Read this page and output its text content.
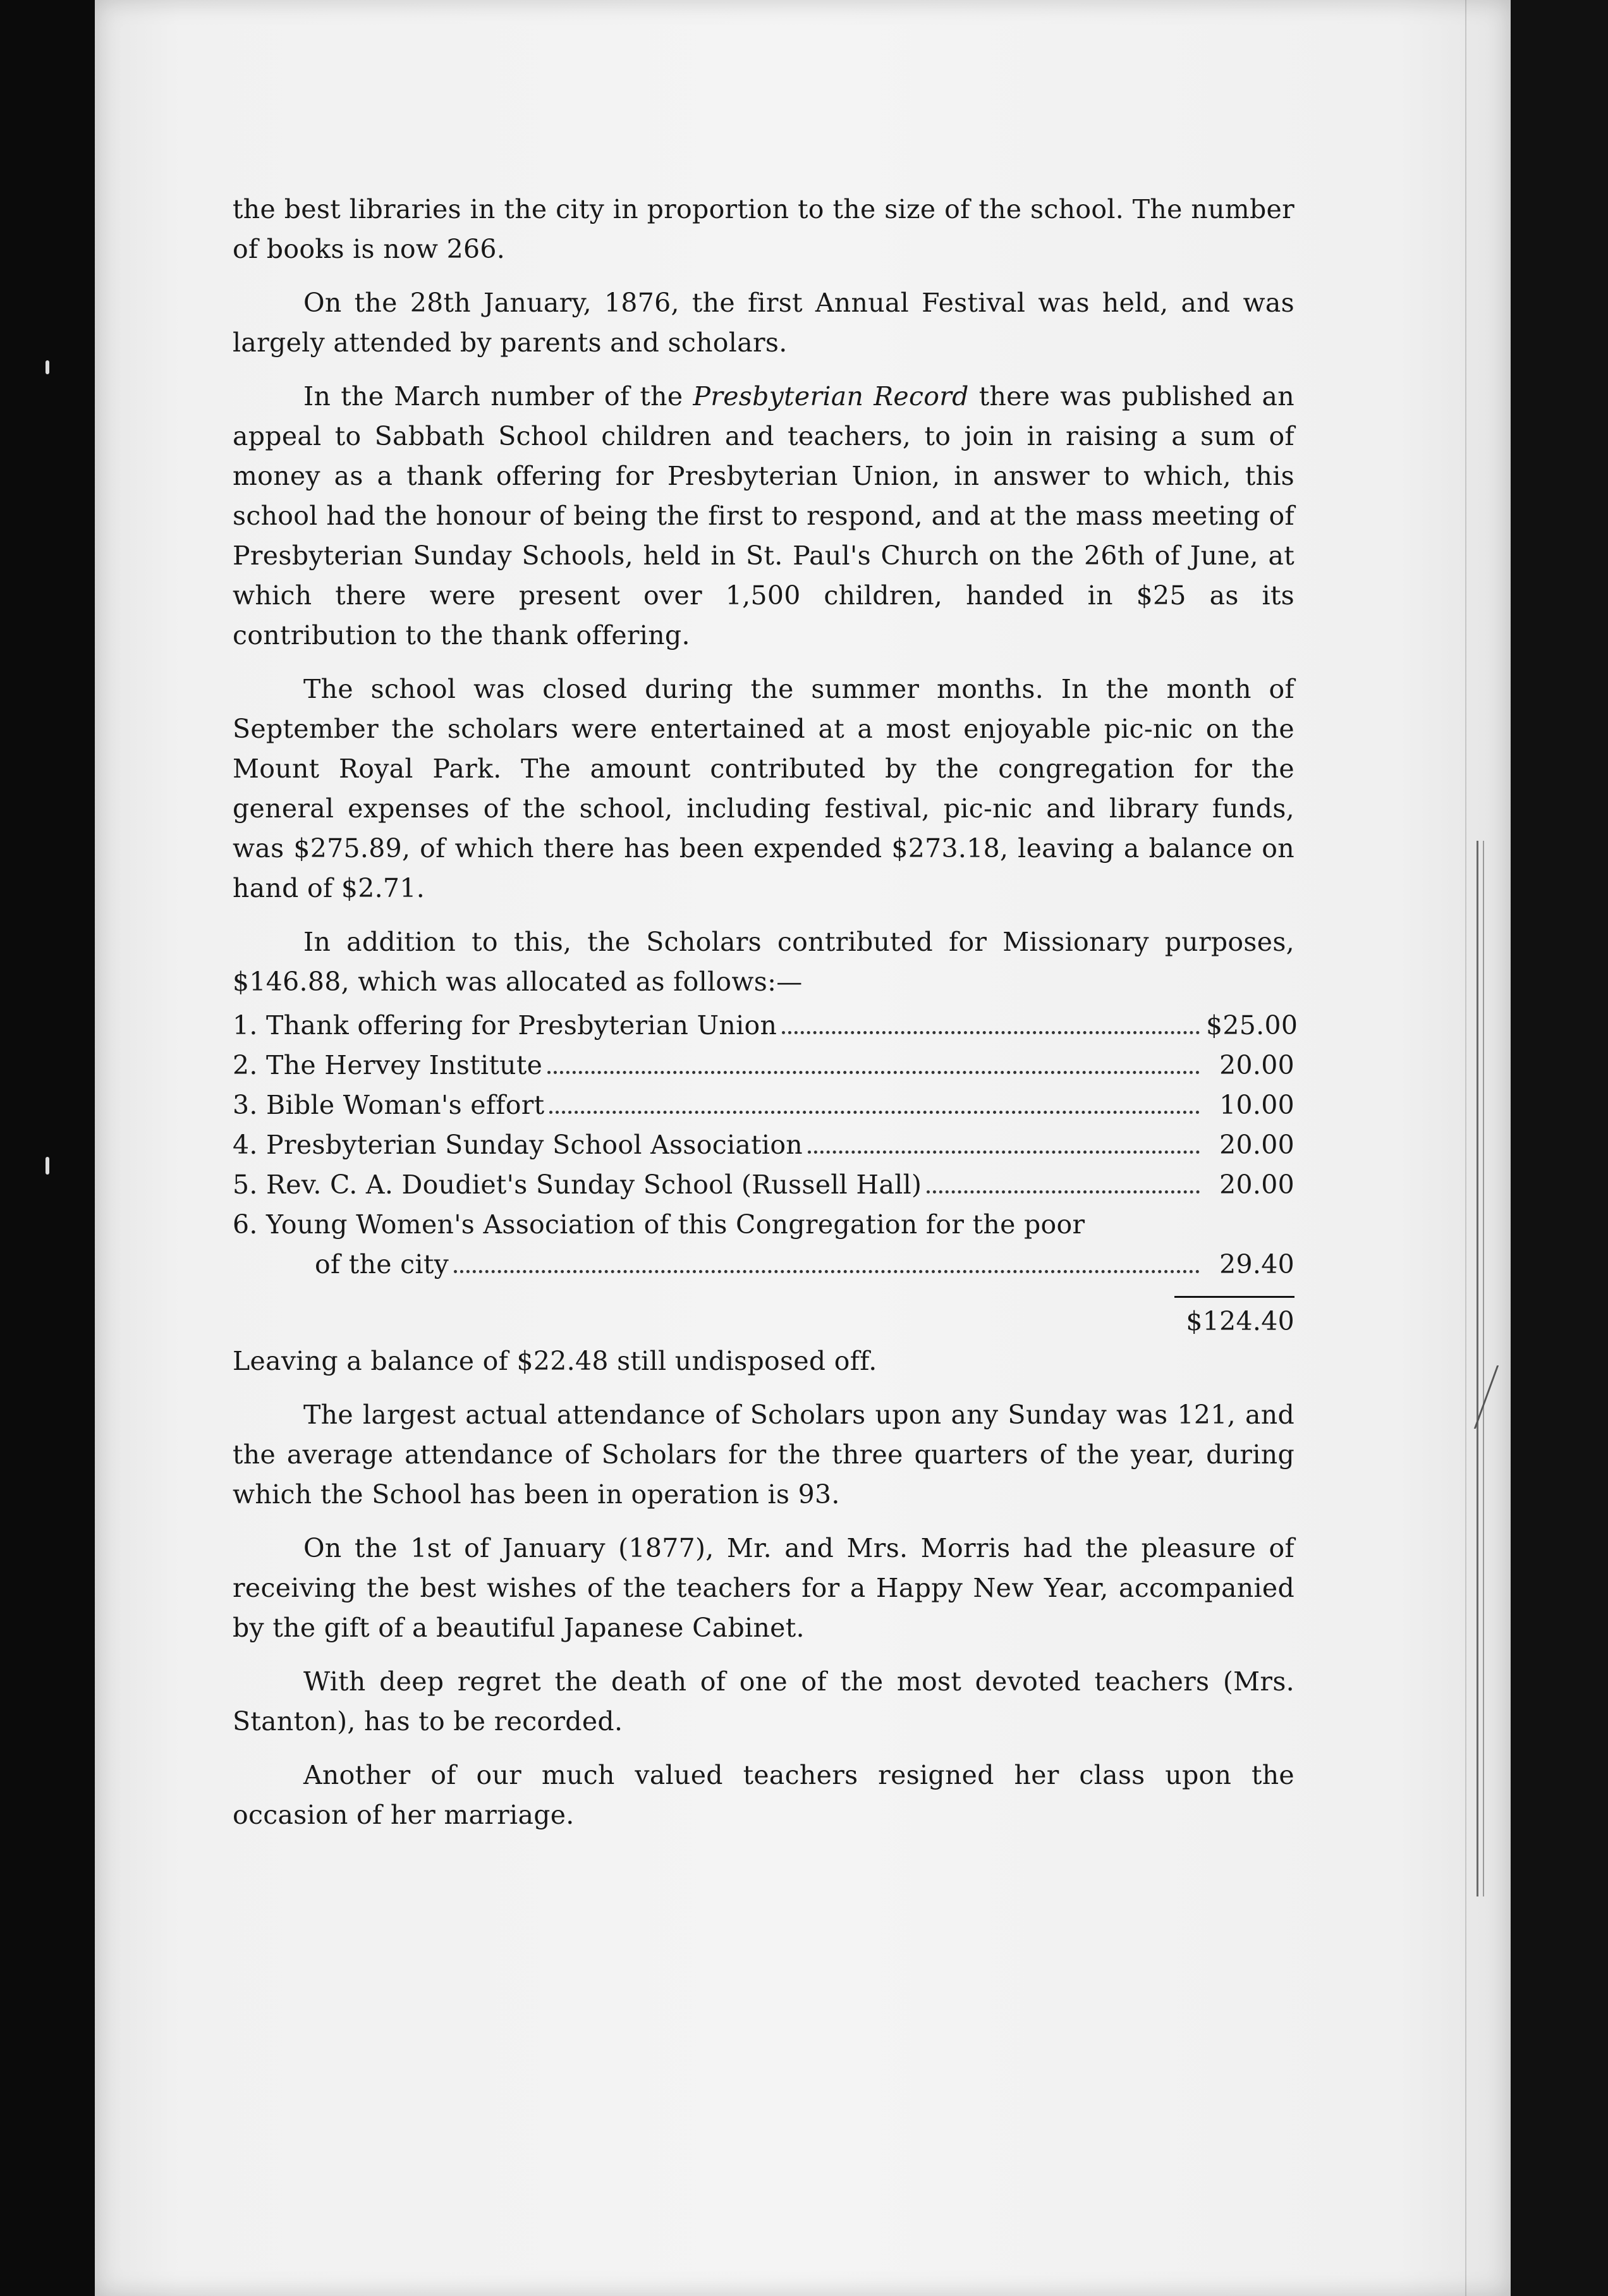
the best libraries in the city in proportion to the size of the school. The number of books is now 266.

On the 28th January, 1876, the first Annual Festival was held, and was largely attended by parents and scholars.

In the March number of the Presbyterian Record there was published an appeal to Sabbath School children and teachers, to join in raising a sum of money as a thank offering for Presbyterian Union, in answer to which, this school had the honour of being the first to respond, and at the mass meeting of Presbyterian Sunday Schools, held in St. Paul's Church on the 26th of June, at which there were present over 1,500 children, handed in $25 as its contribution to the thank offering.

The school was closed during the summer months. In the month of September the scholars were entertained at a most enjoyable pic-nic on the Mount Royal Park. The amount contributed by the congregation for the general expenses of the school, including festival, pic-nic and library funds, was $275.89, of which there has been expended $273.18, leaving a balance on hand of $2.71.

In addition to this, the Scholars contributed for Missionary purposes, $146.88, which was allocated as follows:—

1. Thank offering for Presbyterian Union	$25.00
2. The Hervey Institute	20.00
3. Bible Woman's effort	10.00
4. Presbyterian Sunday School Association	20.00
5. Rev. C. A. Doudiet's Sunday School (Russell Hall)	20.00
6. Young Women's Association of this Congregation for the poor
of the city	29.40
$124.40

Leaving a balance of $22.48 still undisposed off.

The largest actual attendance of Scholars upon any Sunday was 121, and the average attendance of Scholars for the three quarters of the year, during which the School has been in operation is 93.

On the 1st of January (1877), Mr. and Mrs. Morris had the pleasure of receiving the best wishes of the teachers for a Happy New Year, accompanied by the gift of a beautiful Japanese Cabinet.

With deep regret the death of one of the most devoted teachers (Mrs. Stanton), has to be recorded.

Another of our much valued teachers resigned her class upon the occasion of her marriage.
